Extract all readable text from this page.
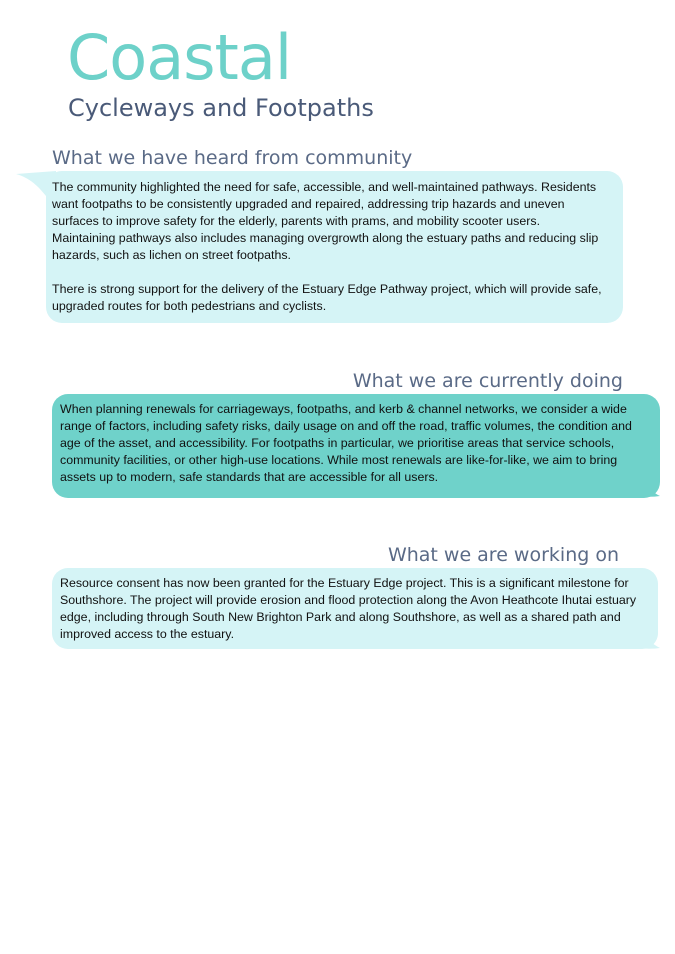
Coastal
Cycleways and Footpaths
What we have heard from community

The community highlighted the need for safe, accessible, and well-maintained pathways. Residents want footpaths to be consistently upgraded and repaired, addressing trip hazards and uneven surfaces to improve safety for the elderly, parents with prams, and mobility scooter users. Maintaining pathways also includes managing overgrowth along the estuary paths and reducing slip hazards, such as lichen on street footpaths.

There is strong support for the delivery of the Estuary Edge Pathway project, which will provide safe, upgraded routes for both pedestrians and cyclists.

What we are currently doing

When planning renewals for carriageways, footpaths, and kerb & channel networks, we consider a wide range of factors, including safety risks, daily usage on and off the road, traffic volumes, the condition and age of the asset, and accessibility. For footpaths in particular, we prioritise areas that service schools, community facilities, or other high-use locations. While most renewals are like-for-like, we aim to bring assets up to modern, safe standards that are accessible for all users.

What we are working on

Resource consent has now been granted for the Estuary Edge project. This is a significant milestone for Southshore. The project will provide erosion and flood protection along the Avon Heathcote Ihutai estuary edge, including through South New Brighton Park and along Southshore, as well as a shared path and improved access to the estuary.
